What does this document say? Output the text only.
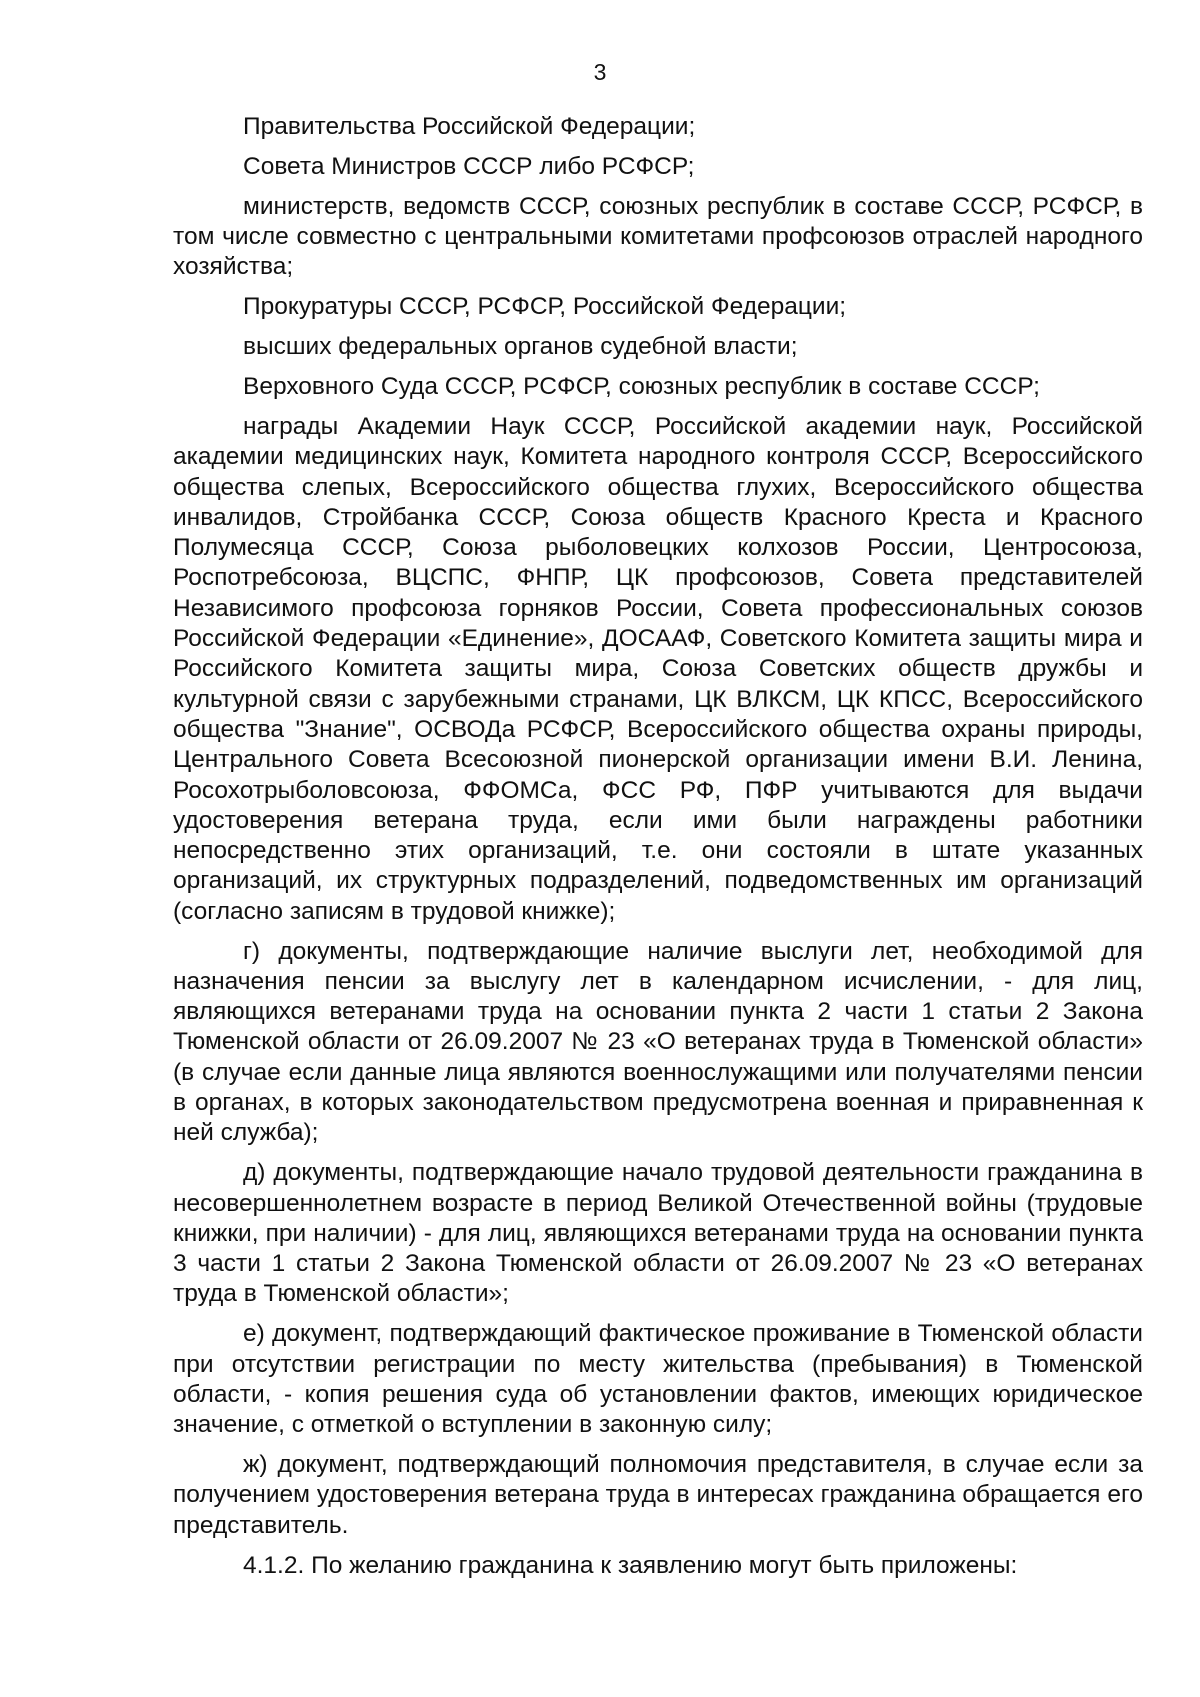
3

Правительства Российской Федерации;

Совета Министров СССР либо РСФСР;

министерств, ведомств СССР, союзных республик в составе СССР, РСФСР, в том числе совместно с центральными комитетами профсоюзов отраслей народного хозяйства;

Прокуратуры СССР, РСФСР, Российской Федерации;

высших федеральных органов судебной власти;

Верховного Суда СССР, РСФСР, союзных республик в составе СССР;

награды Академии Наук СССР, Российской академии наук, Российской академии медицинских наук, Комитета народного контроля СССР, Всероссийского общества слепых, Всероссийского общества глухих, Всероссийского общества инвалидов, Стройбанка СССР, Союза обществ Красного Креста и Красного Полумесяца СССР, Союза рыболовецких колхозов России, Центросоюза, Роспотребсоюза, ВЦСПС, ФНПР, ЦК профсоюзов, Совета представителей Независимого профсоюза горняков России, Совета профессиональных союзов Российской Федерации «Единение», ДОСААФ, Советского Комитета защиты мира и Российского Комитета защиты мира, Союза Советских обществ дружбы и культурной связи с зарубежными странами, ЦК ВЛКСМ, ЦК КПСС, Всероссийского общества "Знание", ОСВОДа РСФСР, Всероссийского общества охраны природы, Центрального Совета Всесоюзной пионерской организации имени В.И. Ленина, Росохотрыболовсоюза, ФФОМСа, ФСС РФ, ПФР учитываются для выдачи удостоверения ветерана труда, если ими были награждены работники непосредственно этих организаций, т.е. они состояли в штате указанных организаций, их структурных подразделений, подведомственных им организаций (согласно записям в трудовой книжке);

г) документы, подтверждающие наличие выслуги лет, необходимой для назначения пенсии за выслугу лет в календарном исчислении, - для лиц, являющихся ветеранами труда на основании пункта 2 части 1 статьи 2 Закона Тюменской области от 26.09.2007 № 23 «О ветеранах труда в Тюменской области» (в случае если данные лица являются военнослужащими или получателями пенсии в органах, в которых законодательством предусмотрена военная и приравненная к ней служба);

д) документы, подтверждающие начало трудовой деятельности гражданина в несовершеннолетнем возрасте в период Великой Отечественной войны (трудовые книжки, при наличии) - для лиц, являющихся ветеранами труда на основании пункта 3 части 1 статьи 2 Закона Тюменской области от 26.09.2007 № 23 «О ветеранах труда в Тюменской области»;

е) документ, подтверждающий фактическое проживание в Тюменской области при отсутствии регистрации по месту жительства (пребывания) в Тюменской области, - копия решения суда об установлении фактов, имеющих юридическое значение, с отметкой о вступлении в законную силу;

ж) документ, подтверждающий полномочия представителя, в случае если за получением удостоверения ветерана труда в интересах гражданина обращается его представитель.

4.1.2. По желанию гражданина к заявлению могут быть приложены:
